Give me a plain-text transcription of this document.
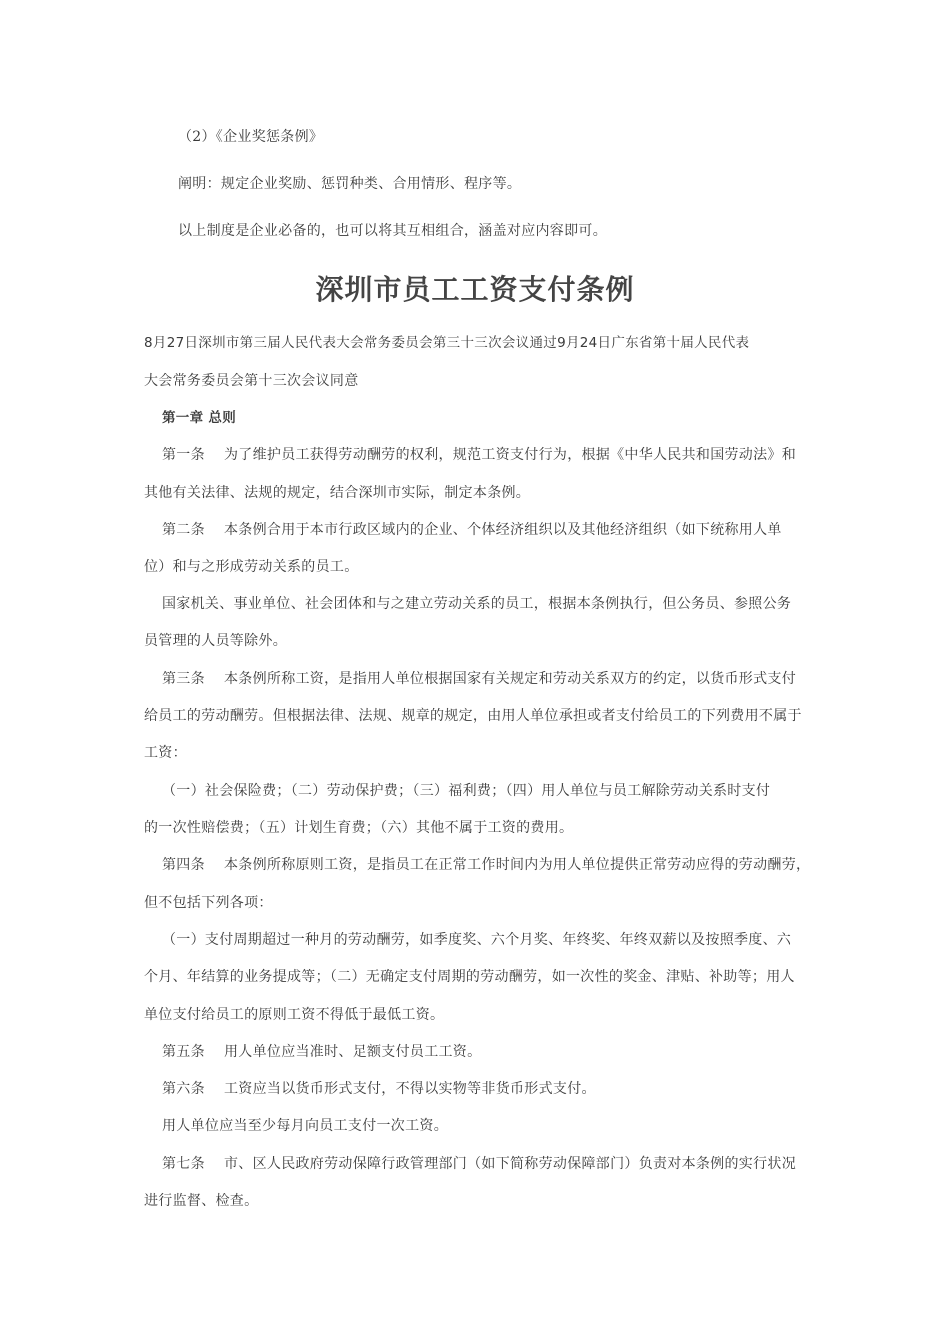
（2）《企业奖惩条例》
阐明：规定企业奖励、惩罚种类、合用情形、程序等。
以上制度是企业必备的，也可以将其互相组合，涵盖对应内容即可。
深圳市员工工资支付条例
8月27日深圳市第三届人民代表大会常务委员会第三十三次会议通过9月24日广东省第十届人民代表
大会常务委员会第十三次会议同意
第一章 总则
第一条 为了维护员工获得劳动酬劳的权利，规范工资支付行为，根据《中华人民共和国劳动法》和
其他有关法律、法规的规定，结合深圳市实际，制定本条例。
第二条 本条例合用于本市行政区域内的企业、个体经济组织以及其他经济组织（如下统称用人单
位）和与之形成劳动关系的员工。
国家机关、事业单位、社会团体和与之建立劳动关系的员工，根据本条例执行，但公务员、参照公务
员管理的人员等除外。
第三条 本条例所称工资，是指用人单位根据国家有关规定和劳动关系双方的约定，以货币形式支付
给员工的劳动酬劳。但根据法律、法规、规章的规定，由用人单位承担或者支付给员工的下列费用不属于
工资：
（一）社会保险费；（二）劳动保护费；（三）福利费；（四）用人单位与员工解除劳动关系时支付
的一次性赔偿费；（五）计划生育费；（六）其他不属于工资的费用。
第四条 本条例所称原则工资，是指员工在正常工作时间内为用人单位提供正常劳动应得的劳动酬劳，
但不包括下列各项：
（一）支付周期超过一种月的劳动酬劳，如季度奖、六个月奖、年终奖、年终双薪以及按照季度、六
个月、年结算的业务提成等；（二）无确定支付周期的劳动酬劳，如一次性的奖金、津贴、补助等；用人
单位支付给员工的原则工资不得低于最低工资。
第五条 用人单位应当准时、足额支付员工工资。
第六条 工资应当以货币形式支付，不得以实物等非货币形式支付。
用人单位应当至少每月向员工支付一次工资。
第七条 市、区人民政府劳动保障行政管理部门（如下简称劳动保障部门）负责对本条例的实行状况
进行监督、检查。
